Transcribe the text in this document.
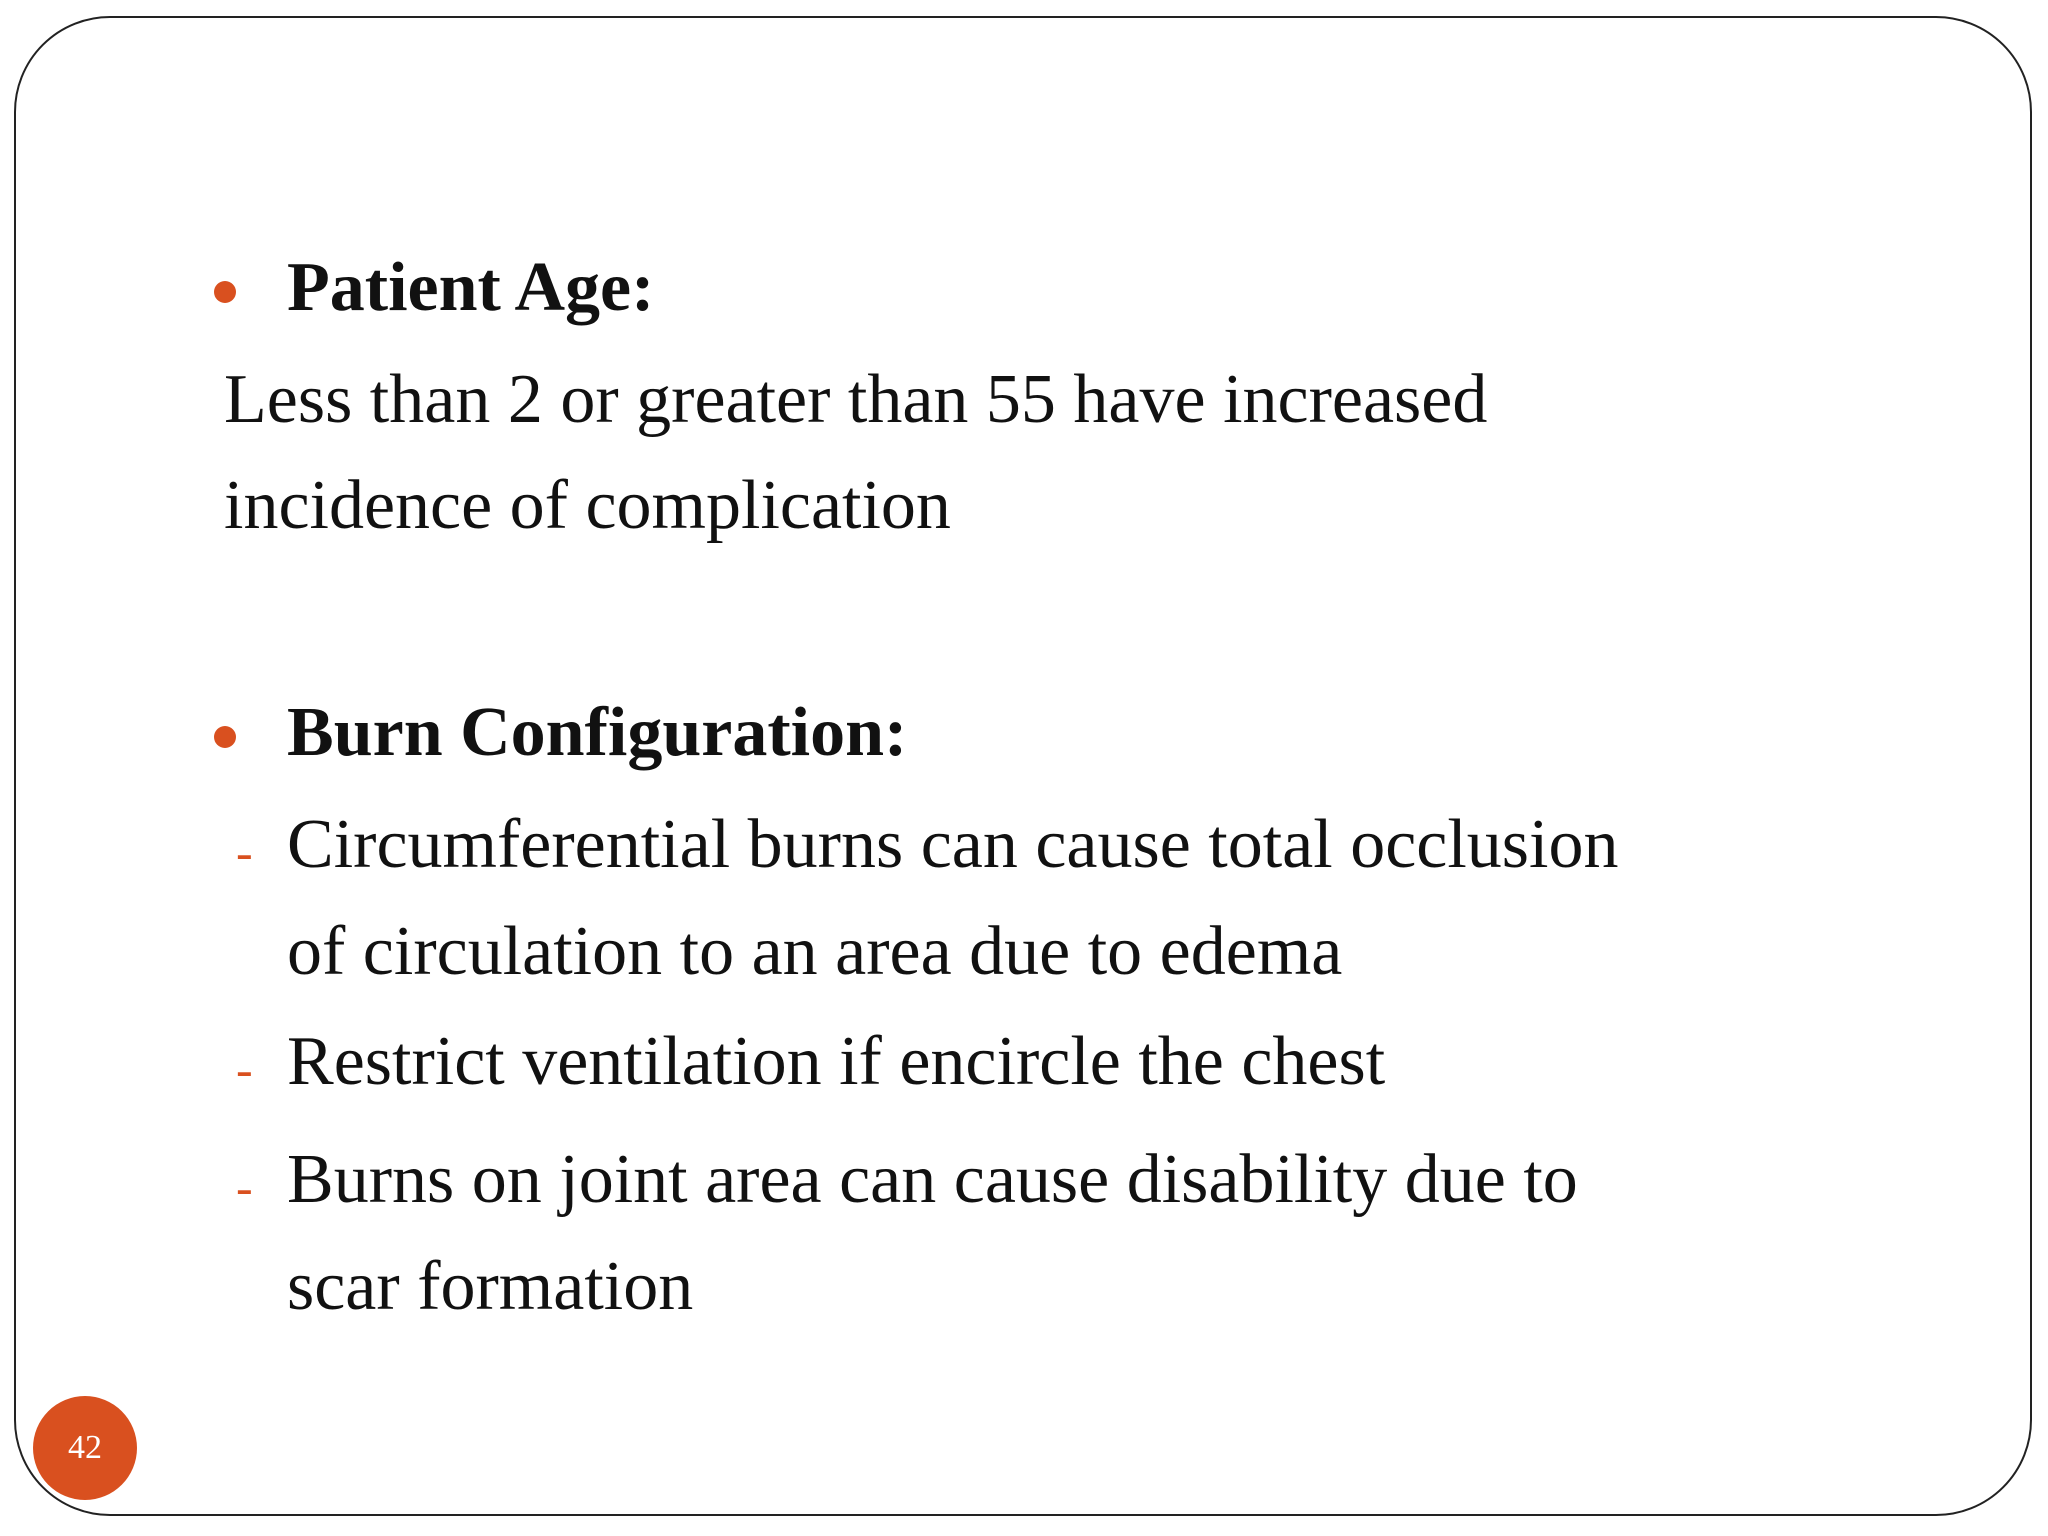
Patient Age:
Less than 2 or greater than 55 have increased
incidence of complication
Burn Configuration:
- Circumferential burns can cause total occlusion
of circulation to an area due to edema
- Restrict ventilation if encircle the chest
- Burns on joint area can cause disability due to
scar formation
42
